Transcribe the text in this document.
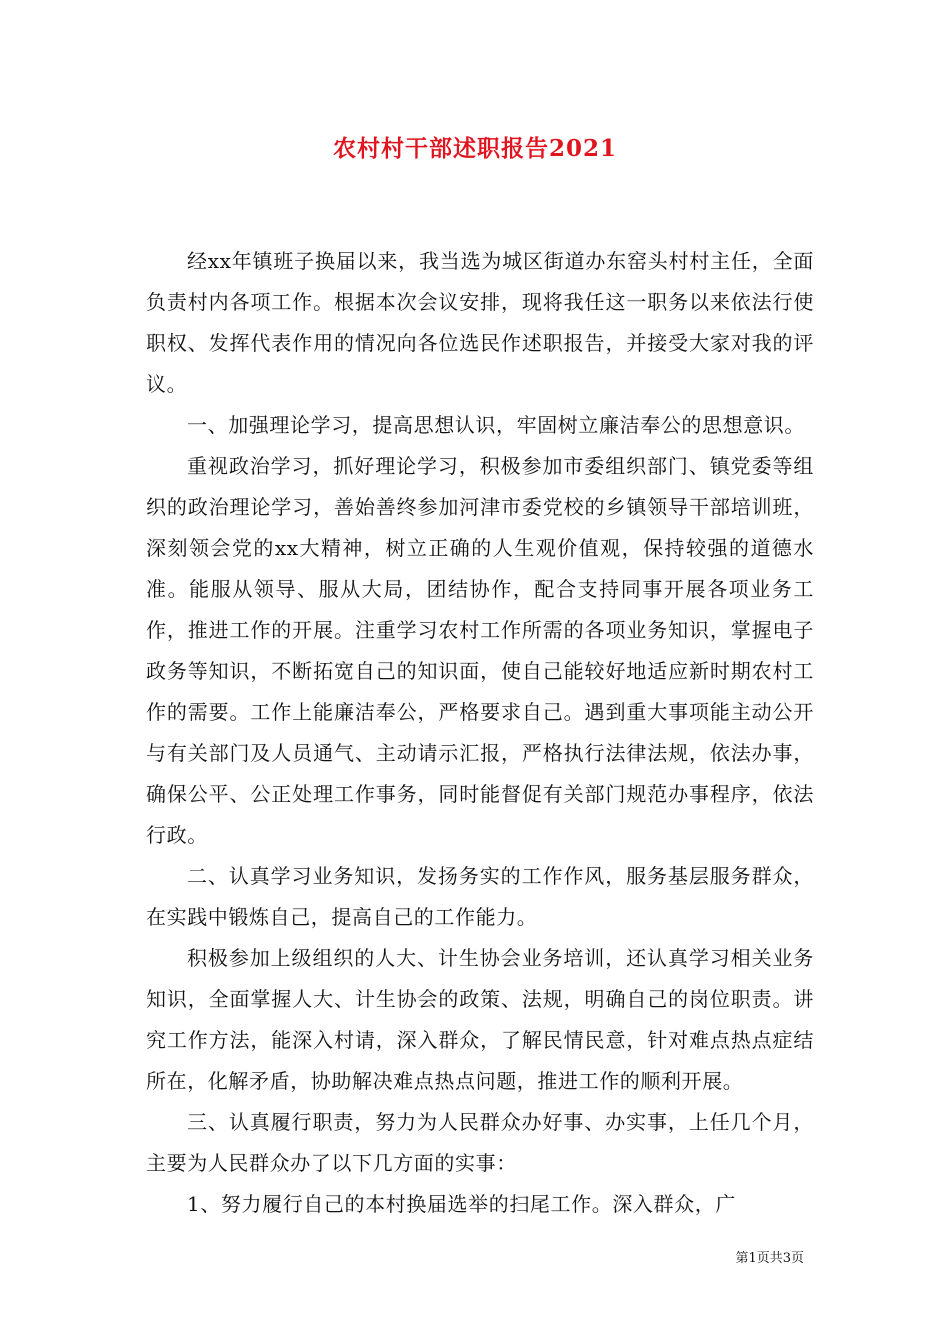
农村村干部述职报告2021

经xx年镇班子换届以来，我当选为城区街道办东窑头村村主任，全面负责村内各项工作。根据本次会议安排，现将我任这一职务以来依法行使职权、发挥代表作用的情况向各位选民作述职报告，并接受大家对我的评议。

一、加强理论学习，提高思想认识，牢固树立廉洁奉公的思想意识。

重视政治学习，抓好理论学习，积极参加市委组织部门、镇党委等组织的政治理论学习，善始善终参加河津市委党校的乡镇领导干部培训班，深刻领会党的xx大精神，树立正确的人生观价值观，保持较强的道德水准。能服从领导、服从大局，团结协作，配合支持同事开展各项业务工作，推进工作的开展。注重学习农村工作所需的各项业务知识，掌握电子政务等知识，不断拓宽自己的知识面，使自己能较好地适应新时期农村工作的需要。工作上能廉洁奉公，严格要求自己。遇到重大事项能主动公开与有关部门及人员通气、主动请示汇报，严格执行法律法规，依法办事，确保公平、公正处理工作事务，同时能督促有关部门规范办事程序，依法行政。

二、认真学习业务知识，发扬务实的工作作风，服务基层服务群众，在实践中锻炼自己，提高自己的工作能力。

积极参加上级组织的人大、计生协会业务培训，还认真学习相关业务知识，全面掌握人大、计生协会的政策、法规，明确自己的岗位职责。讲究工作方法，能深入村请，深入群众，了解民情民意，针对难点热点症结所在，化解矛盾，协助解决难点热点问题，推进工作的顺利开展。

三、认真履行职责，努力为人民群众办好事、办实事，上任几个月，主要为人民群众办了以下几方面的实事：

1、努力履行自己的本村换届选举的扫尾工作。深入群众，广

第1页共3页
